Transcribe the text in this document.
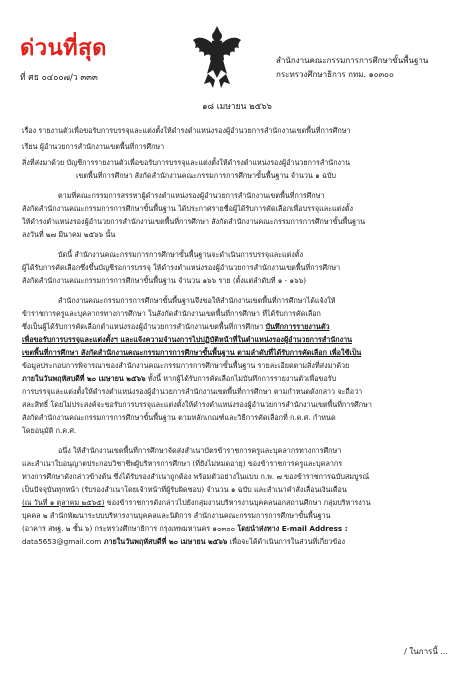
ด่วนที่สุด
ที่ ศธ ๐๔๐๐๗/ว ๓๓๓
สำนักงานคณะกรรมการการศึกษาขั้นพื้นฐาน
กระทรวงศึกษาธิการ กทม. ๑๐๓๐๐
๑๘ เมษายน ๒๕๖๖
เรื่อง รายงานตัวเพื่อขอรับการบรรจุและแต่งตั้งให้ดำรงตำแหน่งรองผู้อำนวยการสำนักงานเขตพื้นที่การศึกษา
เรียน ผู้อำนวยการสำนักงานเขตพื้นที่การศึกษา
สิ่งที่ส่งมาด้วย บัญชีการรายงานตัวเพื่อขอรับการบรรจุและแต่งตั้งให้ดำรงตำแหน่งรองผู้อำนวยการสำนักงาน
เขตพื้นที่การศึกษา สังกัดสำนักงานคณะกรรมการการศึกษาขั้นพื้นฐาน จำนวน ๑ ฉบับ
ตามที่คณะกรรมการสรรหาผู้ดำรงตำแหน่งรองผู้อำนวยการสำนักงานเขตพื้นที่การศึกษา
สังกัดสำนักงานคณะกรรมการการศึกษาขั้นพื้นฐาน ได้ประกาศรายชื่อผู้ได้รับการคัดเลือกเพื่อบรรจุและแต่งตั้ง
ให้ดำรงตำแหน่งรองผู้อำนวยการสำนักงานเขตพื้นที่การศึกษา สังกัดสำนักงานคณะกรรมการการศึกษาขั้นพื้นฐาน
ลงวันที่ ๒๗ มีนาคม ๒๕๖๖ นั้น
บัดนี้ สำนักงานคณะกรรมการการศึกษาขั้นพื้นฐานจะดำเนินการบรรจุและแต่งตั้ง
ผู้ได้รับการคัดเลือกซึ่งขึ้นบัญชีรอการบรรจุ ให้ดำรงตำแหน่งรองผู้อำนวยการสำนักงานเขตพื้นที่การศึกษา
สังกัดสำนักงานคณะกรรมการการศึกษาขั้นพื้นฐาน จำนวน ๑๖๖ ราย (ตั้งแต่ลำดับที่ ๑ - ๑๖๖)
สำนักงานคณะกรรมการการศึกษาขั้นพื้นฐานจึงขอให้สำนักงานเขตพื้นที่การศึกษาได้แจ้งให้
ข้าราชการครูและบุคลากรทางการศึกษา ในสังกัดสำนักงานเขตพื้นที่การศึกษา ที่ได้รับการคัดเลือก
ซึ่งเป็นผู้ได้รับการคัดเลือกตำแหน่งรองผู้อำนวยการสำนักงานเขตพื้นที่การศึกษา บันทึกการรายงานตัว
เพื่อขอรับการบรรจุและแต่งตั้งฯ และแจ้งความจำนงการไปปฏิบัติหน้าที่ในตำแหน่งรองผู้อำนวยการสำนักงาน
เขตพื้นที่การศึกษา สังกัดสำนักงานคณะกรรมการการศึกษาขั้นพื้นฐาน ตามลำดับที่ได้รับการคัดเลือก เพื่อใช้เป็น
ข้อมูลประกอบการพิจารณาของสำนักงานคณะกรรมการการศึกษาขั้นพื้นฐาน รายละเอียดตามสิ่งที่ส่งมาด้วย
ภายในวันพฤหัสบดีที่ ๒๐ เมษายน ๒๕๖๖ ทั้งนี้ หากผู้ได้รับการคัดเลือกไม่บันทึกการรายงานตัวเพื่อขอรับ
การบรรจุและแต่งตั้งให้ดำรงตำแหน่งรองผู้อำนวยการสำนักงานเขตพื้นที่การศึกษา ตามกำหนดดังกล่าว จะถือว่า
สละสิทธิ์ โดยไม่ประสงค์จะขอรับการบรรจุและแต่งตั้งให้ดำรงตำแหน่งรองผู้อำนวยการสำนักงานเขตพื้นที่การศึกษา
สังกัดสำนักงานคณะกรรมการการศึกษาขั้นพื้นฐาน ตามหลักเกณฑ์และวิธีการคัดเลือกที่ ก.ค.ศ. กำหนด
โดยอนุมัติ ก.ค.ศ.
อนึ่ง ให้สำนักงานเขตพื้นที่การศึกษาจัดส่งสำเนาบัตรข้าราชการครูและบุคลากรทางการศึกษา
และสำเนาใบอนุญาตประกอบวิชาชีพผู้บริหารการศึกษา (ที่ยังไม่หมดอายุ) ของข้าราชการครูและบุคลากร
ทางการศึกษาดังกล่าวข้างต้น ซึ่งได้รับรองสำเนาถูกต้อง พร้อมตัวอย่างในแบบ ก.พ. ๗ ของข้าราชการฉบับสมบูรณ์
เป็นปัจจุบันทุกหน้า (รับรองสำเนาโดยเจ้าหน้าที่ผู้รับผิดชอบ) จำนวน ๑ ฉบับ และสำเนาคำสั่งเลื่อนเงินเดือน
(ณ วันที่ ๑ ตุลาคม ๒๕๖๕) ของข้าราชการดังกล่าวไปยังกลุ่มงานบริหารงานบุคคลนอกสถานศึกษา กลุ่มบริหารงาน
บุคคล ๒ สำนักพัฒนาระบบบริหารงานบุคคลและนิติการ สำนักงานคณะกรรมการการศึกษาขั้นพื้นฐาน
(อาคาร สพฐ. ๒ ชั้น ๖) กระทรวงศึกษาธิการ กรุงเทพมหานคร ๑๐๓๐๐ โดยนำส่งทาง E-mail Address :
data5653@gmail.com ภายในวันพฤหัสบดีที่ ๒๐ เมษายน ๒๕๖๖ เพื่อจะได้ดำเนินการในส่วนที่เกี่ยวข้อง
/ ในการนี้ ...
